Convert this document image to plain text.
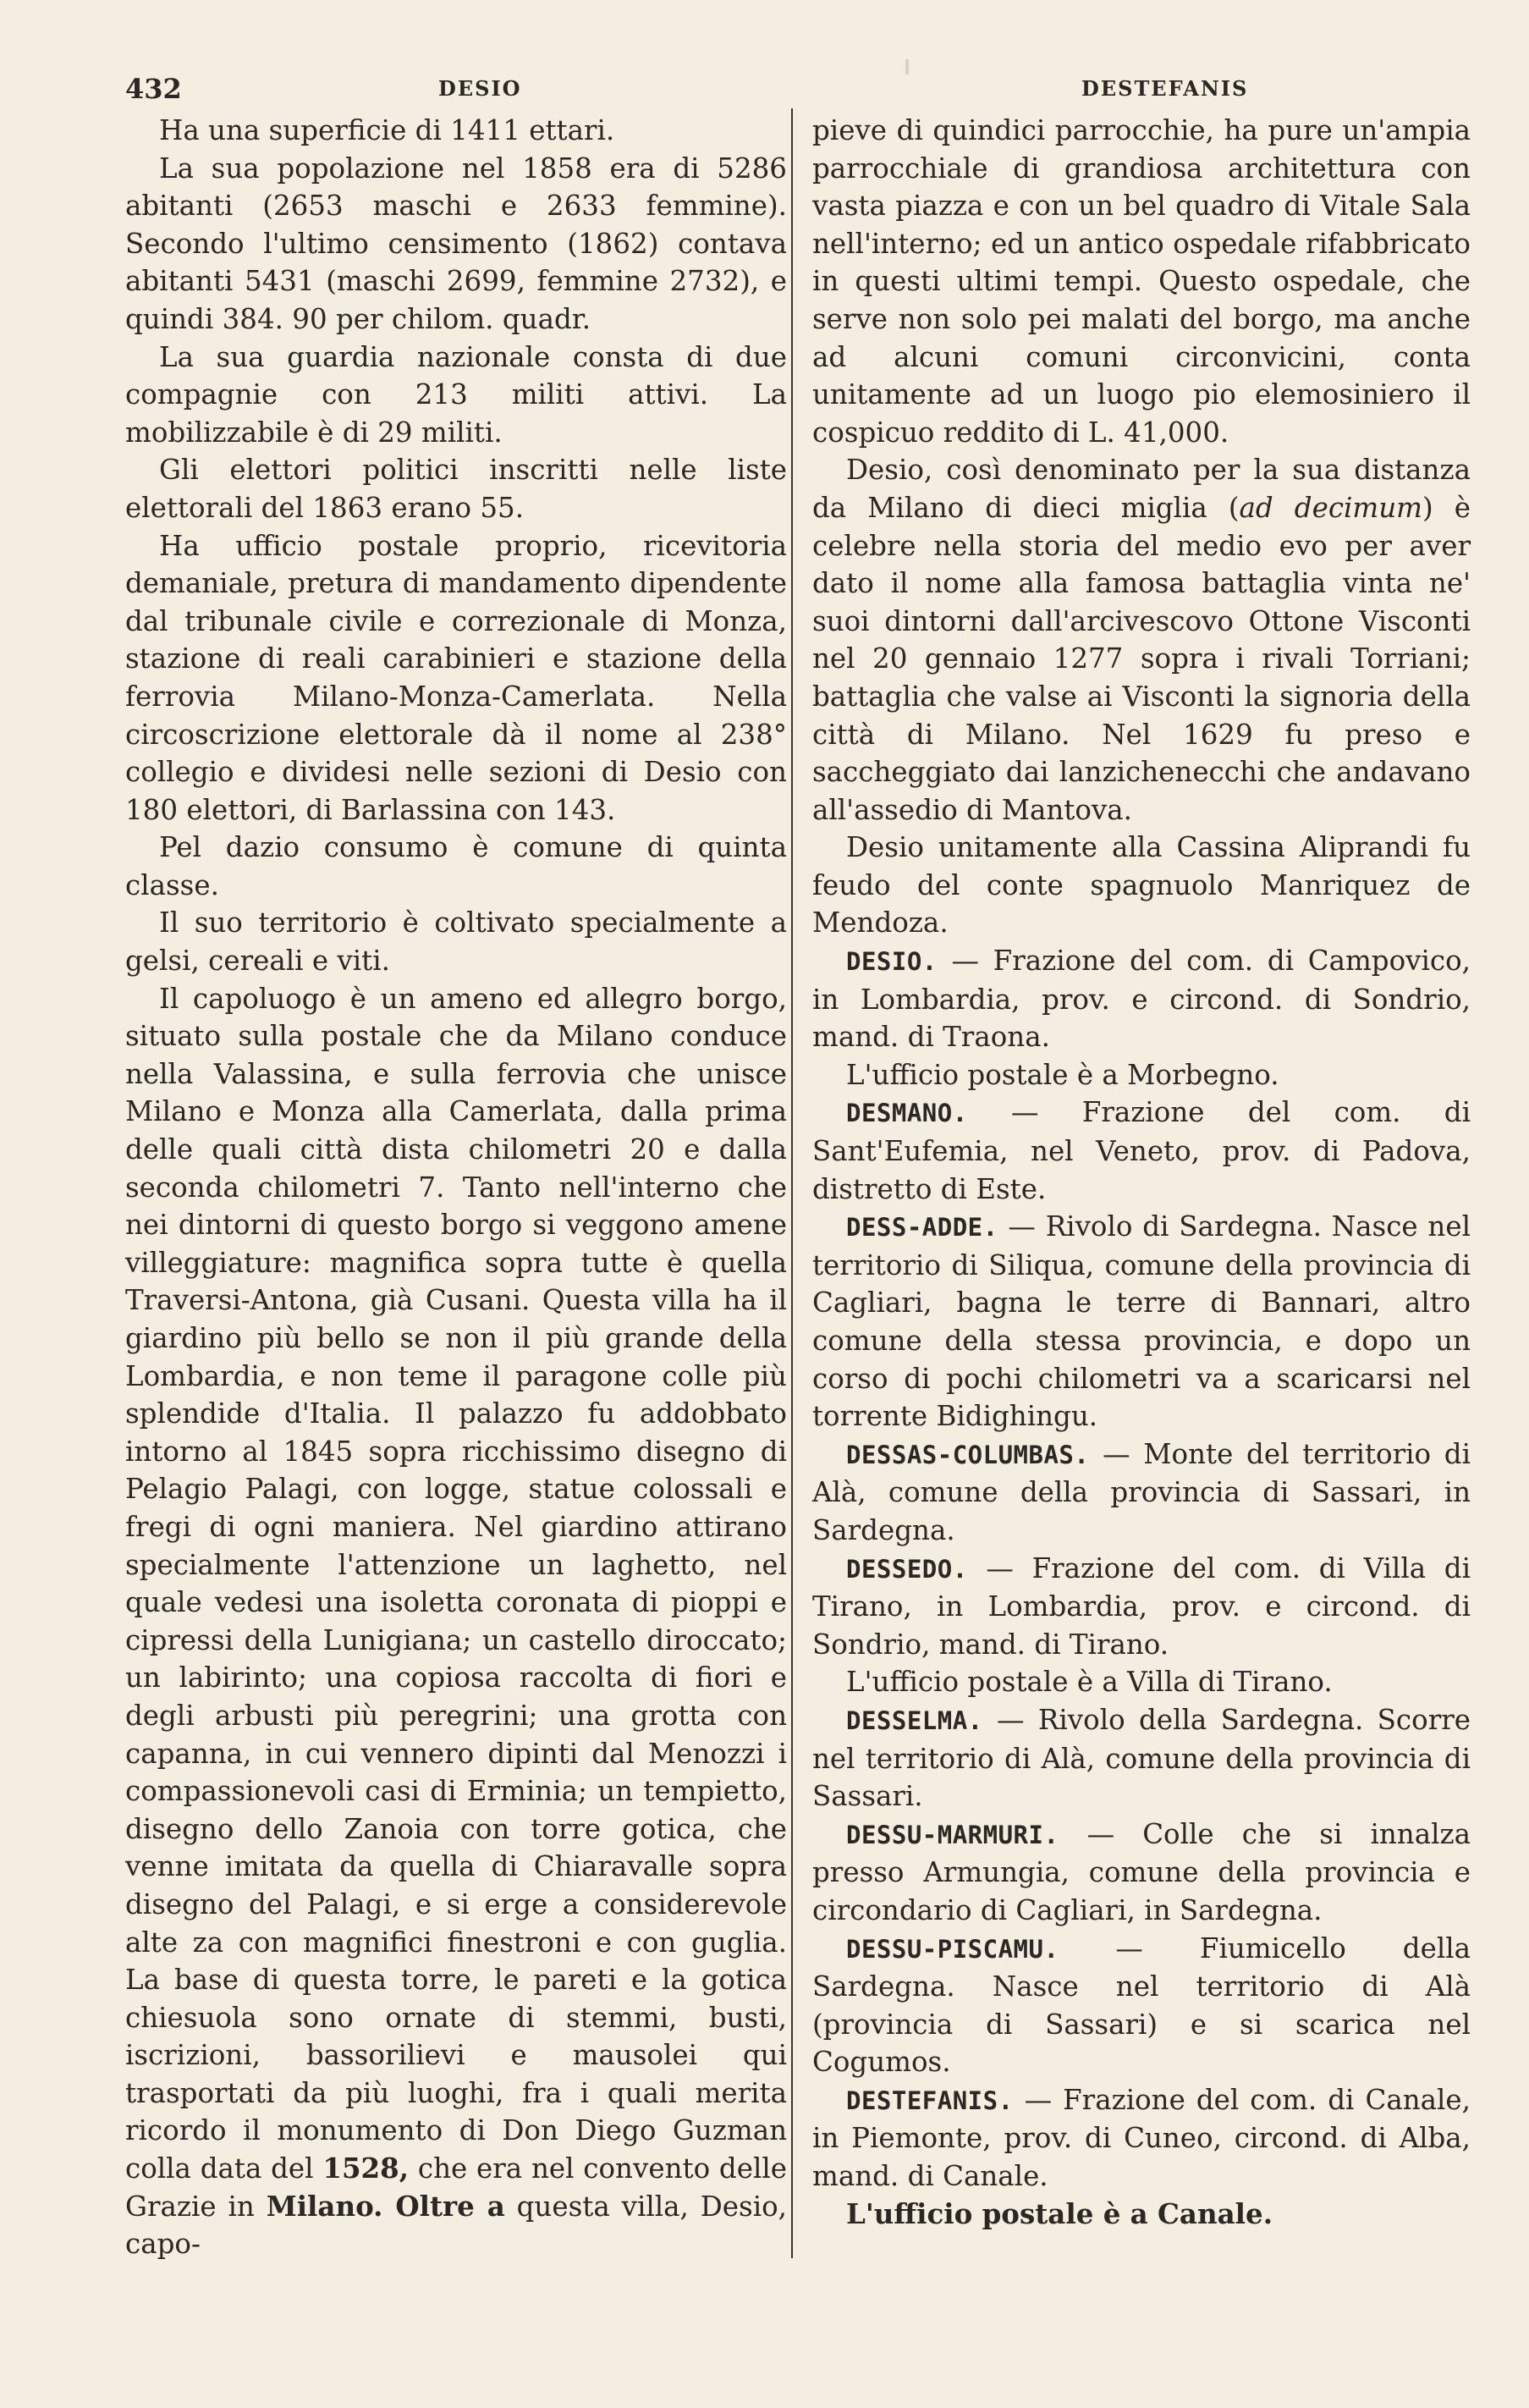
432	DESIO	DESTEFANIS

Ha una superficie di 1411 ettari.

La sua popolazione nel 1858 era di 5286 abitanti (2653 maschi e 2633 femmine). Secondo l'ultimo censimento (1862) contava abitanti 5431 (maschi 2699, femmine 2732), e quindi 384. 90 per chilom. quadr.

La sua guardia nazionale consta di due compagnie con 213 militi attivi. La mobilizzabile è di 29 militi.

Gli elettori politici inscritti nelle liste elettorali del 1863 erano 55.

Ha ufficio postale proprio, ricevitoria demaniale, pretura di mandamento dipendente dal tribunale civile e correzionale di Monza, stazione di reali carabinieri e stazione della ferrovia Milano-Monza-Camerlata. Nella circoscrizione elettorale dà il nome al 238° collegio e dividesi nelle sezioni di Desio con 180 elettori, di Barlassina con 143.

Pel dazio consumo è comune di quinta classe.

Il suo territorio è coltivato specialmente a gelsi, cereali e viti.

Il capoluogo è un ameno ed allegro borgo, situato sulla postale che da Milano conduce nella Valassina, e sulla ferrovia che unisce Milano e Monza alla Camerlata, dalla prima delle quali città dista chilometri 20 e dalla seconda chilometri 7. Tanto nell'interno che nei dintorni di questo borgo si veggono amene villeggiature: magnifica sopra tutte è quella Traversi-Antona, già Cusani. Questa villa ha il giardino più bello se non il più grande della Lombardia, e non teme il paragone colle più splendide d'Italia. Il palazzo fu addobbato intorno al 1845 sopra ricchissimo disegno di Pelagio Palagi, con logge, statue colossali e fregi di ogni maniera. Nel giardino attirano specialmente l'attenzione un laghetto, nel quale vedesi una isoletta coronata di pioppi e cipressi della Lunigiana; un castello diroccato; un labirinto; una copiosa raccolta di fiori e degli arbusti più peregrini; una grotta con capanna, in cui vennero dipinti dal Menozzi i compassionevoli casi di Erminia; un tempietto, disegno dello Zanoia con torre gotica, che venne imitata da quella di Chiaravalle sopra disegno del Palagi, e si erge a considerevole alte za con magnifici finestroni e con guglia. La base di questa torre, le pareti e la gotica chiesuola sono ornate di stemmi, busti, iscrizioni, bassorilievi e mausolei qui trasportati da più luoghi, fra i quali merita ricordo il monumento di Don Diego Guzman colla data del 1528, che era nel convento delle Grazie in Milano. Oltre a questa villa, Desio, capo-

pieve di quindici parrocchie, ha pure un'ampia parrocchiale di grandiosa architettura con vasta piazza e con un bel quadro di Vitale Sala nell'interno; ed un antico ospedale rifabbricato in questi ultimi tempi. Questo ospedale, che serve non solo pei malati del borgo, ma anche ad alcuni comuni circonvicini, conta unitamente ad un luogo pio elemosiniero il cospicuo reddito di L. 41,000.

Desio, così denominato per la sua distanza da Milano di dieci miglia (ad decimum) è celebre nella storia del medio evo per aver dato il nome alla famosa battaglia vinta ne' suoi dintorni dall'arcivescovo Ottone Visconti nel 20 gennaio 1277 sopra i rivali Torriani; battaglia che valse ai Visconti la signoria della città di Milano. Nel 1629 fu preso e saccheggiato dai lanzichenecchi che andavano all'assedio di Mantova.

Desio unitamente alla Cassina Aliprandi fu feudo del conte spagnuolo Manriquez de Mendoza.

DESIO. — Frazione del com. di Campovico, in Lombardia, prov. e circond. di Sondrio, mand. di Traona.

L'ufficio postale è a Morbegno.

DESMANO. — Frazione del com. di Sant'Eufemia, nel Veneto, prov. di Padova, distretto di Este.

DESS-ADDE. — Rivolo di Sardegna. Nasce nel territorio di Siliqua, comune della provincia di Cagliari, bagna le terre di Bannari, altro comune della stessa provincia, e dopo un corso di pochi chilometri va a scaricarsi nel torrente Bidighingu.

DESSAS-COLUMBAS. — Monte del territorio di Alà, comune della provincia di Sassari, in Sardegna.

DESSEDO. — Frazione del com. di Villa di Tirano, in Lombardia, prov. e circond. di Sondrio, mand. di Tirano.

L'ufficio postale è a Villa di Tirano.

DESSELMA. — Rivolo della Sardegna. Scorre nel territorio di Alà, comune della provincia di Sassari.

DESSU-MARMURI. — Colle che si innalza presso Armungia, comune della provincia e circondario di Cagliari, in Sardegna.

DESSU-PISCAMU. — Fiumicello della Sardegna. Nasce nel territorio di Alà (provincia di Sassari) e si scarica nel Cogumos.

DESTEFANIS. — Frazione del com. di Canale, in Piemonte, prov. di Cuneo, circond. di Alba, mand. di Canale.

L'ufficio postale è a Canale.
